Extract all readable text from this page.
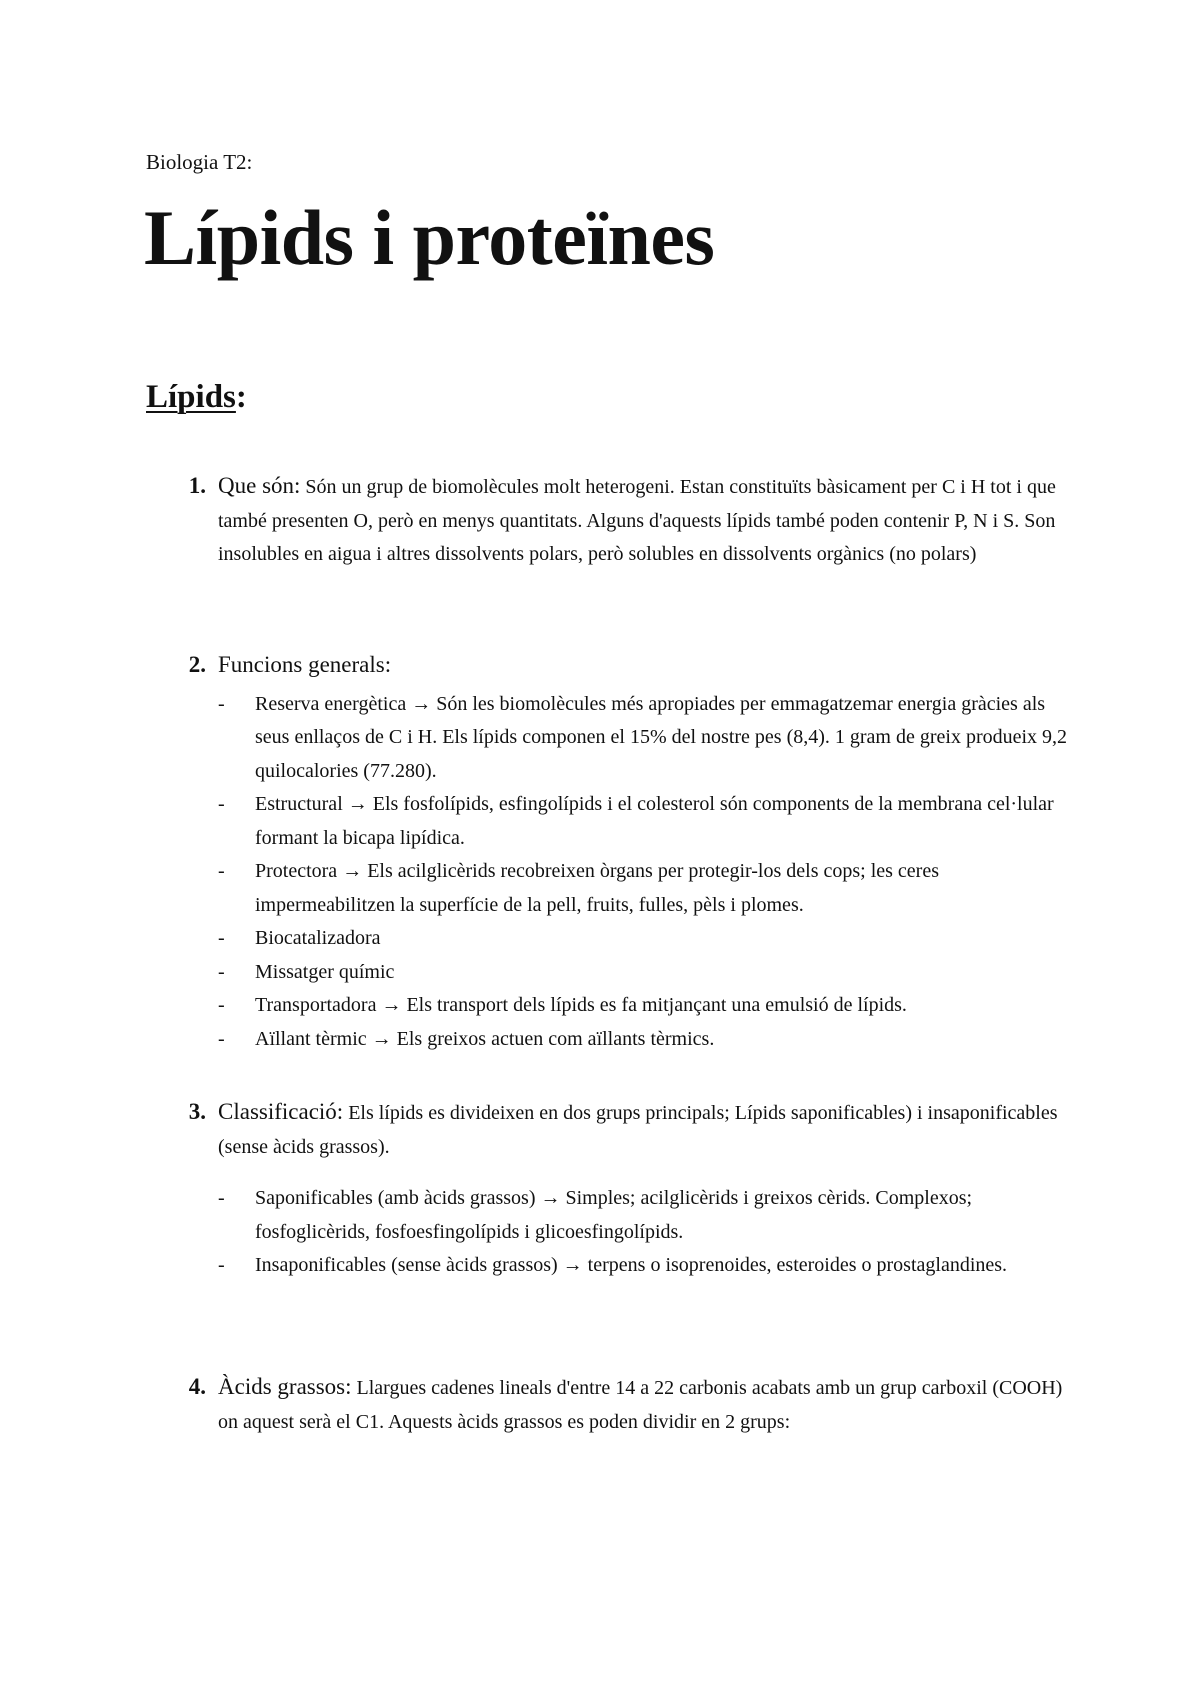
Biologia T2:
Lípids i proteïnes
Lípids:
1. Que són: Són un grup de biomolècules molt heterogeni. Estan constituïts bàsicament per C i H tot i que també presenten O, però en menys quantitats. Alguns d'aquests lípids també poden contenir P, N i S. Son insolubles en aigua i altres dissolvents polars, però solubles en dissolvents orgànics (no polars)
2. Funcions generals:
- Reserva energètica → Són les biomolècules més apropiades per emmagatzemar energia gràcies als seus enllaços de C i H. Els lípids componen el 15% del nostre pes (8,4). 1 gram de greix produeix 9,2 quilocalories (77.280).
- Estructural → Els fosfolípids, esfingolípids i el colesterol són components de la membrana cel·lular formant la bicapa lipídica.
- Protectora → Els acilglicèrids recobreixen òrgans per protegir-los dels cops; les ceres impermeabilitzen la superfície de la pell, fruits, fulles, pèls i plomes.
- Biocatalizadora
- Missatger químic
- Transportadora → Els transport dels lípids es fa mitjançant una emulsió de lípids.
- Aïllant tèrmic → Els greixos actuen com aïllants tèrmics.
3. Classificació: Els lípids es divideixen en dos grups principals; Lípids saponificables) i insaponificables (sense àcids grassos).
- Saponificables (amb àcids grassos) → Simples; acilglicèrids i greixos cèrids. Complexos; fosfoglicèrids, fosfoesfingolípids i glicoesfingolípids.
- Insaponificables (sense àcids grassos) → terpens o isoprenoides, esteroides o prostaglandines.
4. Àcids grassos: Llargues cadenes lineals d'entre 14 a 22 carbonis acabats amb un grup carboxil (COOH) on aquest serà el C1. Aquests àcids grassos es poden dividir en 2 grups:
